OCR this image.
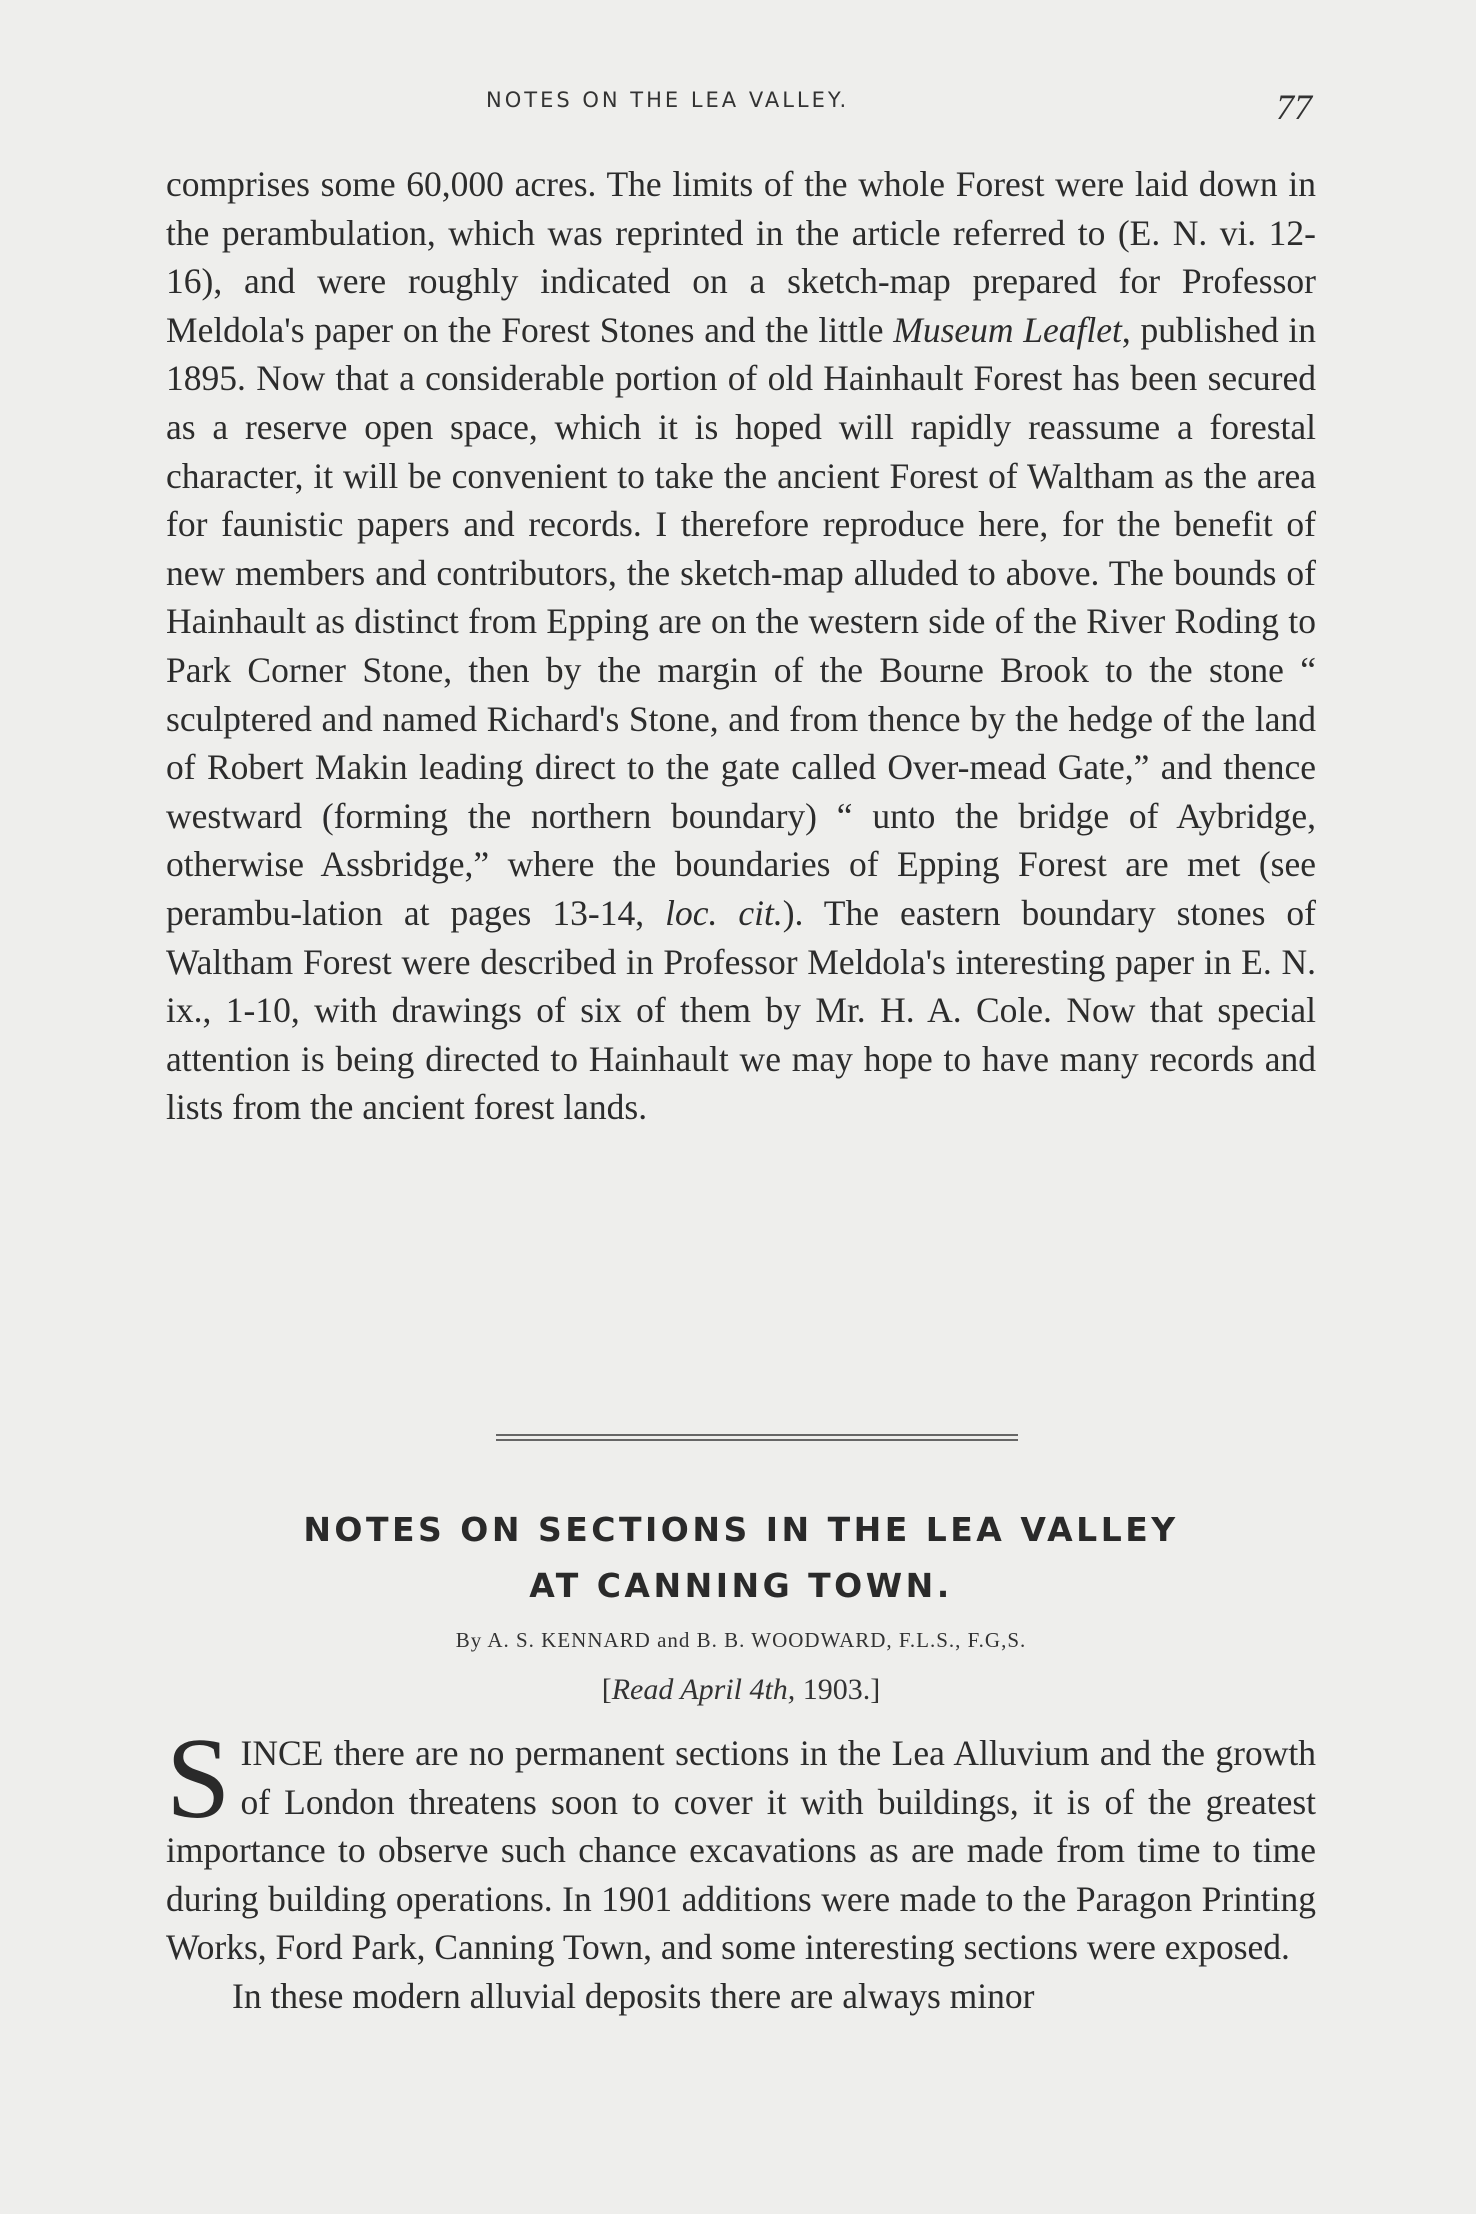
NOTES ON THE LEA VALLEY.	77

comprises some 60,000 acres. The limits of the whole Forest were laid down in the perambulation, which was reprinted in the article referred to (E. N. vi. 12-16), and were roughly indicated on a sketch-map prepared for Professor Meldola's paper on the Forest Stones and the little Museum Leaflet, published in 1895. Now that a considerable portion of old Hainhault Forest has been secured as a reserve open space, which it is hoped will rapidly reassume a forestal character, it will be convenient to take the ancient Forest of Waltham as the area for faunistic papers and records. I therefore reproduce here, for the benefit of new members and contributors, the sketch-map alluded to above. The bounds of Hainhault as distinct from Epping are on the western side of the River Roding to Park Corner Stone, then by the margin of the Bourne Brook to the stone “ sculptered and named Richard's Stone, and from thence by the hedge of the land of Robert Makin leading direct to the gate called Over-mead Gate,” and thence westward (forming the northern boundary) “ unto the bridge of Aybridge, otherwise Assbridge,” where the boundaries of Epping Forest are met (see perambu-lation at pages 13-14, loc. cit.). The eastern boundary stones of Waltham Forest were described in Professor Meldola's interesting paper in E. N. ix., 1-10, with drawings of six of them by Mr. H. A. Cole. Now that special attention is being directed to Hainhault we may hope to have many records and lists from the ancient forest lands.

NOTES ON SECTIONS IN THE LEA VALLEY
AT CANNING TOWN.
By A. S. KENNARD and B. B. WOODWARD, F.L.S., F.G,S.
[Read April 4th, 1903.]

SINCE there are no permanent sections in the Lea Alluvium and the growth of London threatens soon to cover it with buildings, it is of the greatest importance to observe such chance excavations as are made from time to time during building operations. In 1901 additions were made to the Paragon Printing Works, Ford Park, Canning Town, and some interesting sections were exposed.

In these modern alluvial deposits there are always minor
